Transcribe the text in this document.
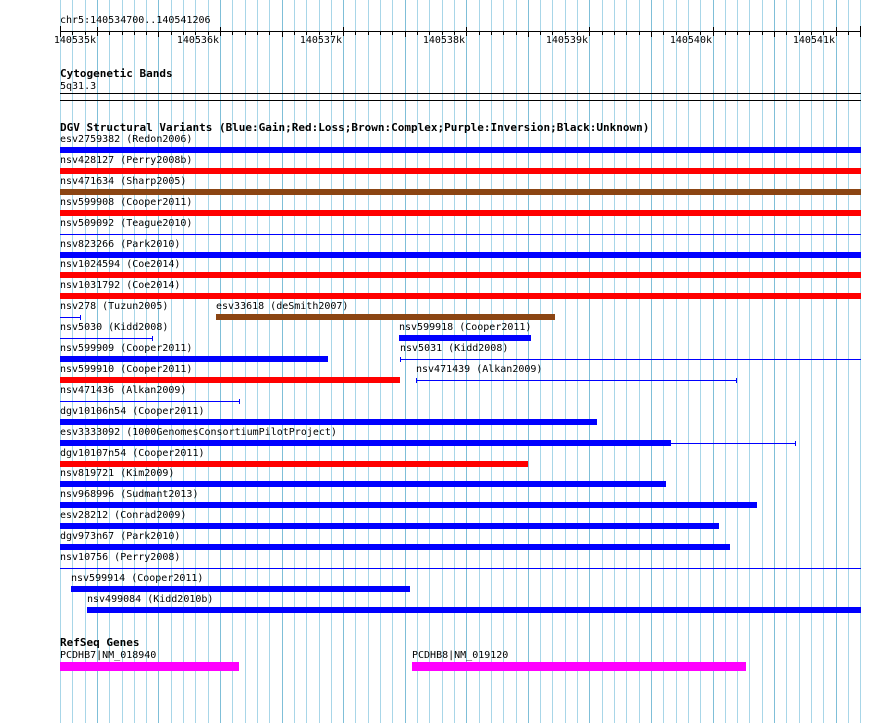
chr5:140534700..140541206
140535k	140536k	140537k	140538k	140539k	140540k	140541k
Cytogenetic Bands
5q31.3
DGV Structural Variants (Blue:Gain;Red:Loss;Brown:Complex;Purple:Inversion;Black:Unknown)
esv2759382 (Redon2006)
nsv428127 (Perry2008b)
nsv471634 (Sharp2005)
nsv599908 (Cooper2011)
nsv509092 (Teague2010)
nsv823266 (Park2010)
nsv1024594 (Coe2014)
nsv1031792 (Coe2014)
nsv278 (Tuzun2005)	esv33618 (deSmith2007)
nsv5030 (Kidd2008)	nsv599918 (Cooper2011)
nsv599909 (Cooper2011)	nsv5031 (Kidd2008)
nsv599910 (Cooper2011)	nsv471439 (Alkan2009)
nsv471436 (Alkan2009)
dgv10106n54 (Cooper2011)
esv3333092 (1000GenomesConsortiumPilotProject)
dgv10107n54 (Cooper2011)
nsv819721 (Kim2009)
nsv968996 (Sudmant2013)
esv28212 (Conrad2009)
dgv973n67 (Park2010)
nsv10756 (Perry2008)
nsv599914 (Cooper2011)
nsv499084 (Kidd2010b)
RefSeq Genes
PCDHB7|NM_018940	PCDHB8|NM_019120
